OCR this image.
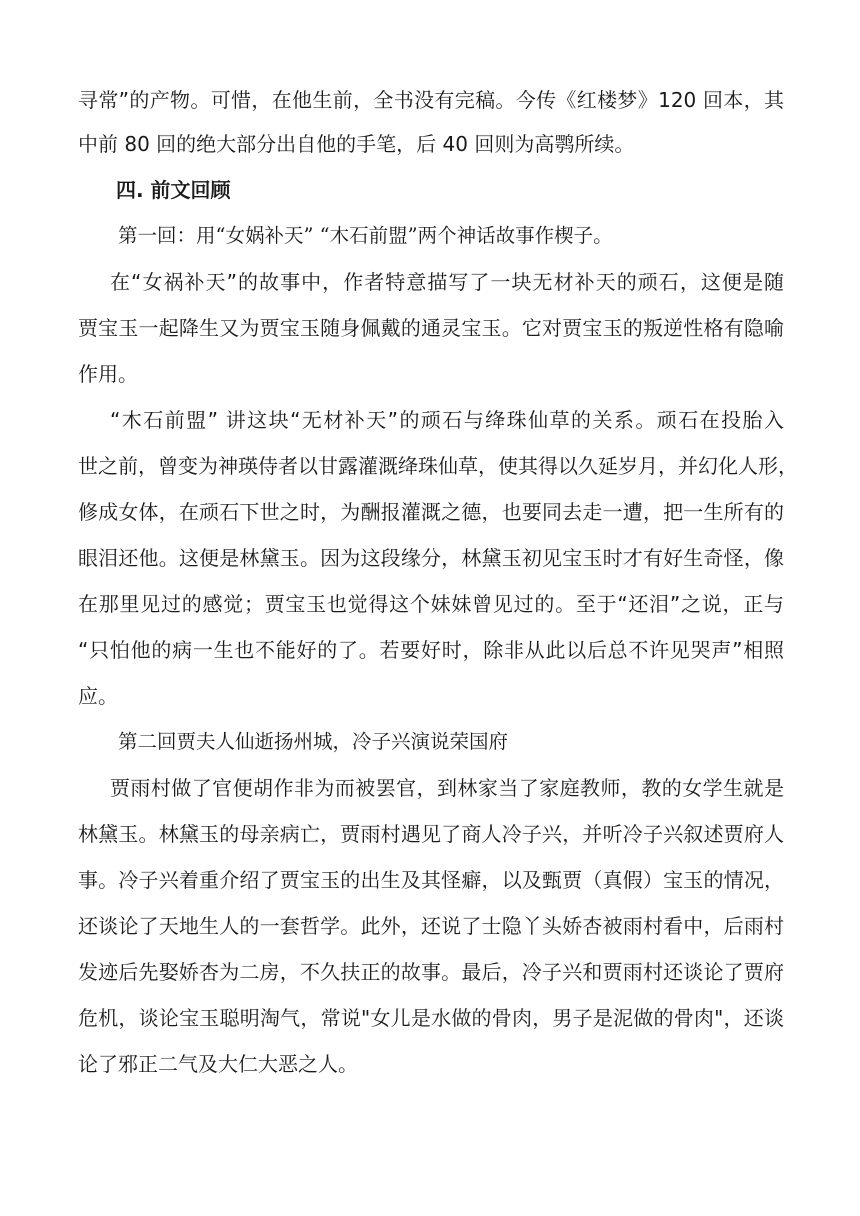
寻常”的产物。可惜，在他生前，全书没有完稿。今传《红楼梦》120 回本，其
中前 80 回的绝大部分出自他的手笔，后 40 回则为高鹗所续。
四. 前文回顾
第一回：用“女娲补天” “木石前盟”两个神话故事作楔子。
在“女祸补天”的故事中，作者特意描写了一块无材补天的顽石，这便是随
贾宝玉一起降生又为贾宝玉随身佩戴的通灵宝玉。它对贾宝玉的叛逆性格有隐喻
作用。
“木石前盟” 讲这块“无材补天”的顽石与绛珠仙草的关系。顽石在投胎入
世之前，曾变为神瑛侍者以甘露灌溉绛珠仙草，使其得以久延岁月，并幻化人形，
修成女体，在顽石下世之时，为酬报灌溉之德，也要同去走一遭，把一生所有的
眼泪还他。这便是林黛玉。因为这段缘分，林黛玉初见宝玉时才有好生奇怪，像
在那里见过的感觉；贾宝玉也觉得这个妹妹曾见过的。至于“还泪”之说，正与
“只怕他的病一生也不能好的了。若要好时，除非从此以后总不许见哭声”相照
应。
第二回贾夫人仙逝扬州城，冷子兴演说荣国府
贾雨村做了官便胡作非为而被罢官，到林家当了家庭教师，教的女学生就是
林黛玉。林黛玉的母亲病亡，贾雨村遇见了商人冷子兴，并听冷子兴叙述贾府人
事。冷子兴着重介绍了贾宝玉的出生及其怪癖，以及甄贾（真假）宝玉的情况，
还谈论了天地生人的一套哲学。此外，还说了士隐丫头娇杏被雨村看中，后雨村
发迹后先娶娇杏为二房，不久扶正的故事。最后，冷子兴和贾雨村还谈论了贾府
危机，谈论宝玉聪明淘气，常说"女儿是水做的骨肉，男子是泥做的骨肉"，还谈
论了邪正二气及大仁大恶之人。
